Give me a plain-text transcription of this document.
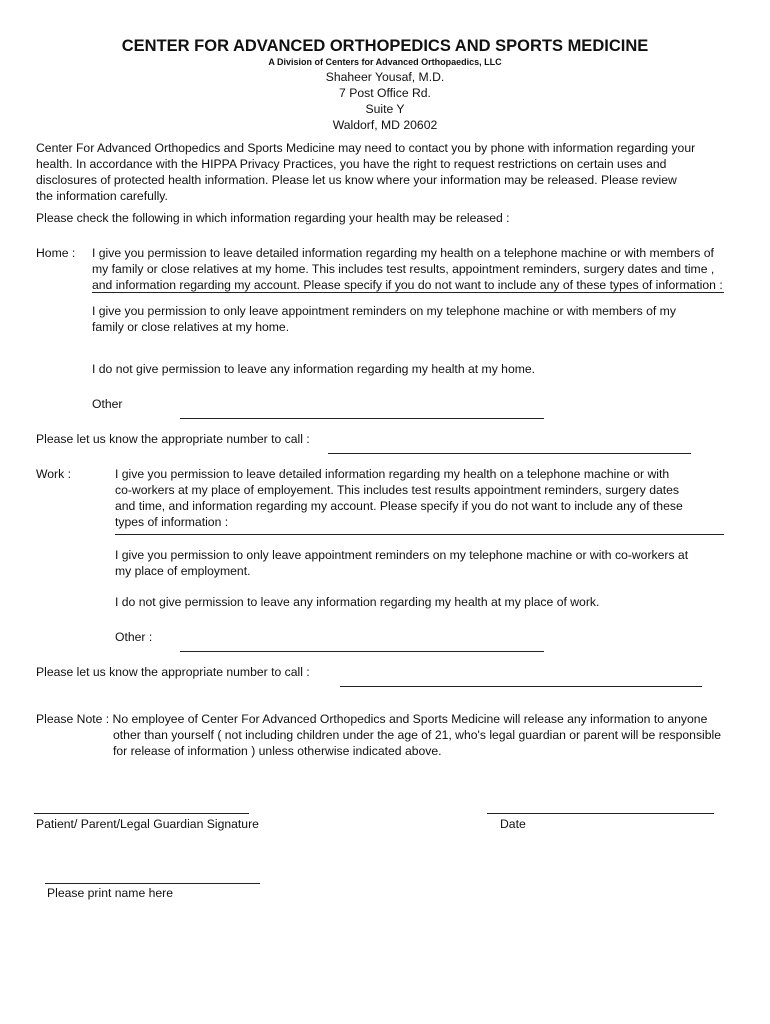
CENTER FOR ADVANCED ORTHOPEDICS AND SPORTS MEDICINE
A Division of Centers for Advanced Orthopaedics, LLC
Shaheer Yousaf, M.D.
7 Post Office Rd.
Suite Y
Waldorf, MD 20602
Center For Advanced Orthopedics and Sports Medicine may need to contact you by phone with information regarding your
health. In accordance with the HIPPA Privacy Practices, you have the right to request restrictions on certain uses and
disclosures of protected health information. Please let us know where your information may be released. Please review
the information carefully.
Please check the following in which information regarding your health may be released :
Home : I give you permission to leave detailed information regarding my health on a telephone machine or with members of
my family or close relatives at my home. This includes test results, appointment reminders, surgery dates and time ,
and information regarding my account. Please specify if you do not want to include any of these types of information :
I give you permission to only leave appointment reminders on my telephone machine or with members of my
family or close relatives at my home.
I do not give permission to leave any information regarding my health at my home.
Other
Please let us know the appropriate number to call :
Work :	I give you permission to leave detailed information regarding my health on a telephone machine or with
co-workers at my place of employement. This includes test results appointment reminders, surgery dates
and time, and information regarding my account. Please specify if you do not want to include any of these
types of information :
I give you permission to only leave appointment reminders on my telephone machine or with co-workers at
my place of employment.
I do not give permission to leave any information regarding my health at my place of work.
Other :
Please let us know the appropriate number to call :
Please Note : No employee of Center For Advanced Orthopedics and Sports Medicine will release any information to anyone
other than yourself ( not including children under the age of 21, who's legal guardian or parent will be responsible
for release of information ) unless otherwise indicated above.
Patient/ Parent/Legal Guardian Signature	Date
Please print name here
